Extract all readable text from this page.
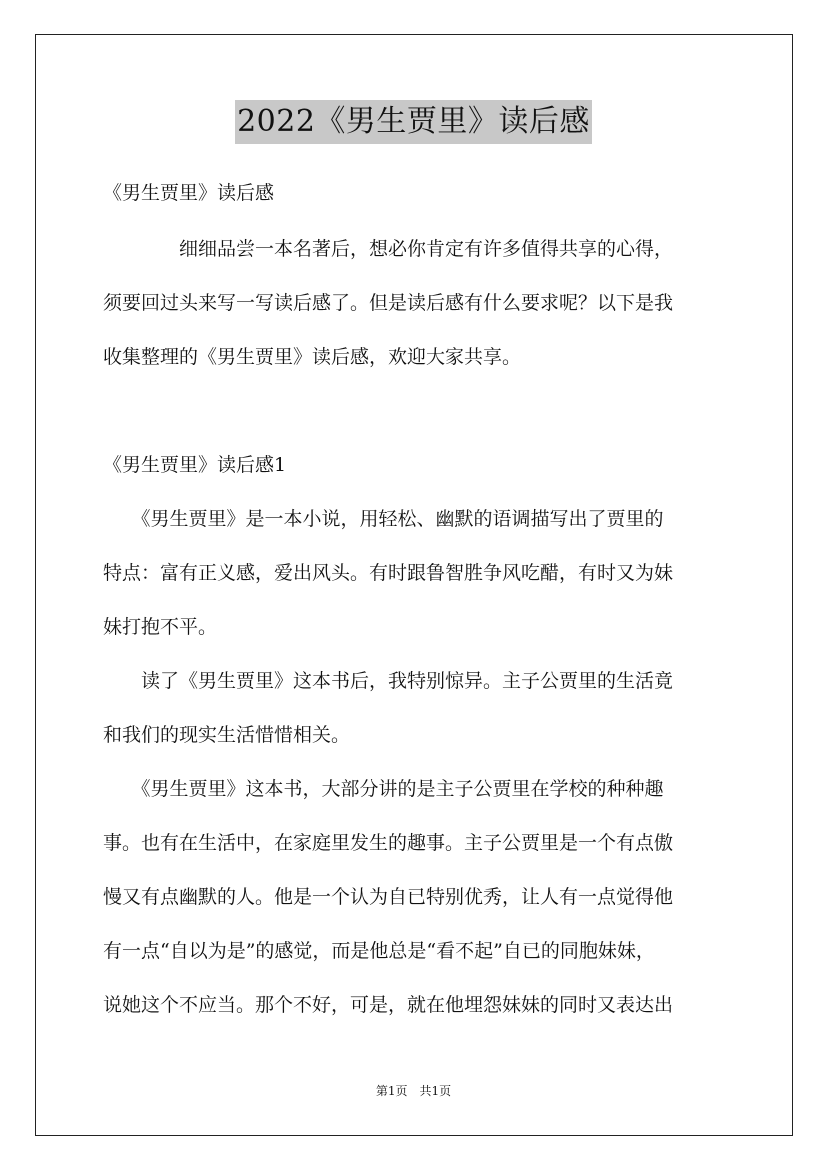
2022《男生贾里》读后感
《男生贾里》读后感
　　　　细细品尝一本名著后，想必你肯定有许多值得共享的心得，
须要回过头来写一写读后感了。但是读后感有什么要求呢？以下是我
收集整理的《男生贾里》读后感，欢迎大家共享。
《男生贾里》读后感1
　　《男生贾里》是一本小说，用轻松、幽默的语调描写出了贾里的
特点：富有正义感，爱出风头。有时跟鲁智胜争风吃醋，有时又为妹
妹打抱不平。
　　读了《男生贾里》这本书后，我特别惊异。主子公贾里的生活竟
和我们的现实生活惜惜相关。
　　《男生贾里》这本书，大部分讲的是主子公贾里在学校的种种趣
事。也有在生活中，在家庭里发生的趣事。主子公贾里是一个有点傲
慢又有点幽默的人。他是一个认为自已特别优秀，让人有一点觉得他
有一点“自以为是”的感觉，而是他总是“看不起”自已的同胞妹妹，
说她这个不应当。那个不好，可是，就在他埋怨妹妹的同时又表达出
第1页　共1页
